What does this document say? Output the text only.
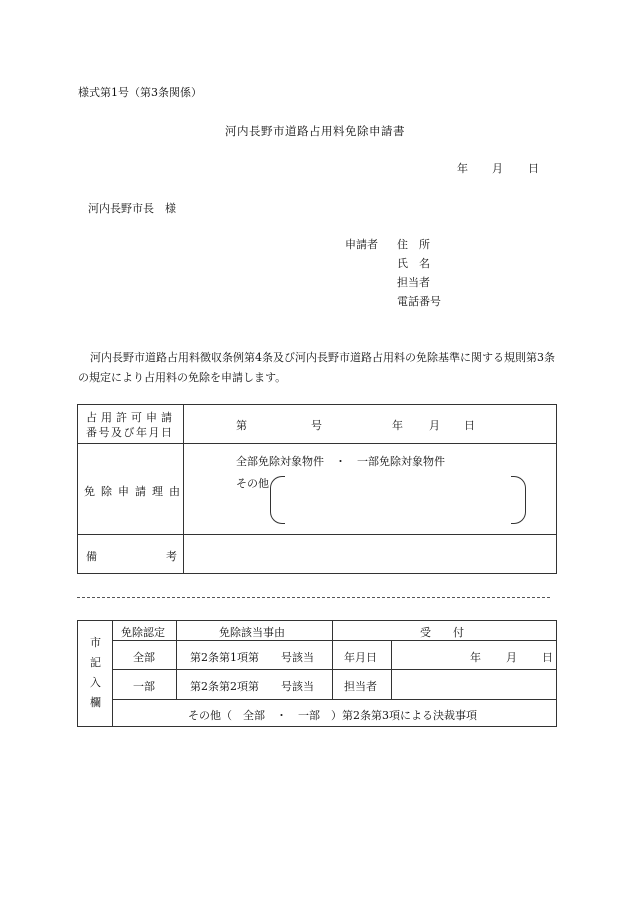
様式第1号（第3条関係）
河内長野市道路占用料免除申請書
年 月 日
河内長野市長　様
申請者 住　所
氏　名
担当者
電話番号
河内長野市道路占用料徴収条例第4条及び河内長野市道路占用料の免除基準に関する規則第3条の規定により占用料の免除を申請します。
占用許可申請
番号及び年月日
第	号	年 月 日
免除申請理由
全部免除対象物件　・　一部免除対象物件
その他
備	考
市
記
入
欄
免除認定	免除該当事由	受　　付
全部	第2条第1項第　　号該当	年月日	年 月 日
一部	第2条第2項第　　号該当	担当者
その他（　全部　・　一部　）第2条第3項による決裁事項
